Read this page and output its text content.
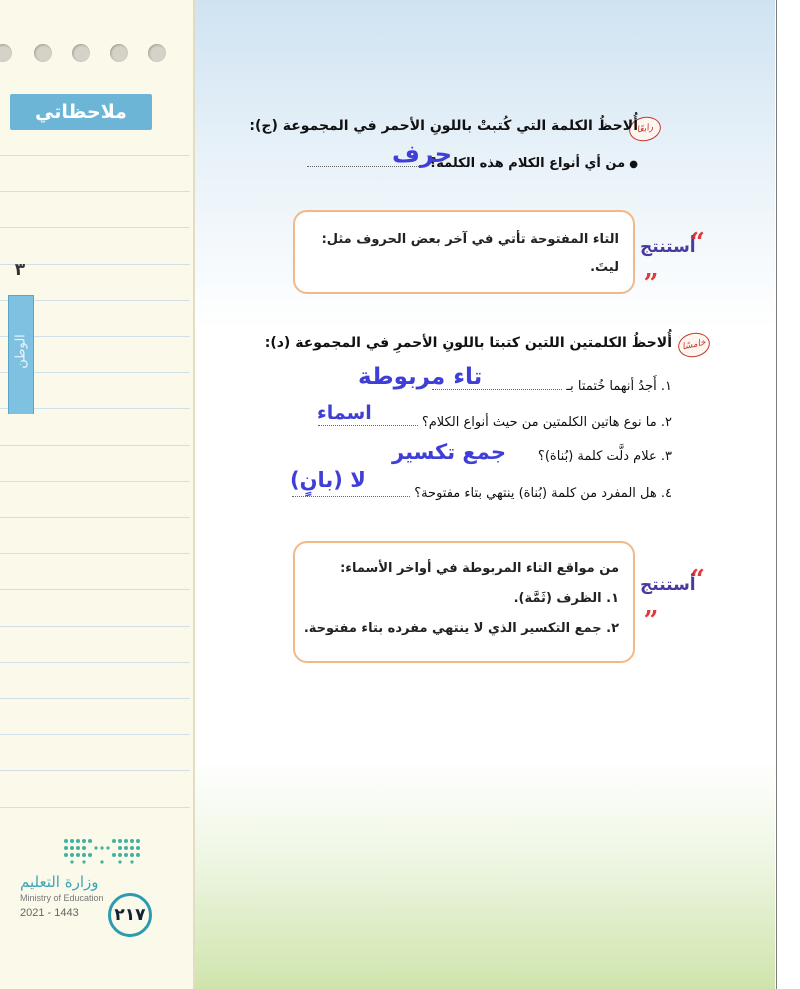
ملاحظاتي
٣
الوطن
وزارة التعليم
Ministry of Education
2021 - 1443	٢١٧
رابعًا
أُلاحظُ الكلمة التي كُتبتْ باللونِ الأحمر في المجموعة (ج):
● من أي أنواع الكلام هذه الكلمة؟
حرف
التاء المفتوحة تأتي في آخر بعض الحروف مثل:
ليتَ.
“
أستنتج
„
خامسًا
أُلاحظُ الكلمتين اللتين كتبتا باللونِ الأحمرِ في المجموعة (د):
١. أَجدُ أنهما خُتمتا بـ
تاء مربوطة
٢. ما نوع هاتين الكلمتين من حيث أنواع الكلام؟
اسماء
٣. علام دلَّت كلمة (بُناة)؟
جمع تكسير
٤. هل المفرد من كلمة (بُناة) ينتهي بتاء مفتوحة؟
لا (بانٍ)
من مواقع التاء المربوطة في أواخر الأسماء:
١. الظرف (ثَمَّة).
٢. جمع التكسير الذي لا ينتهي مفرده بتاء مفتوحة.
“
أستنتج
„
